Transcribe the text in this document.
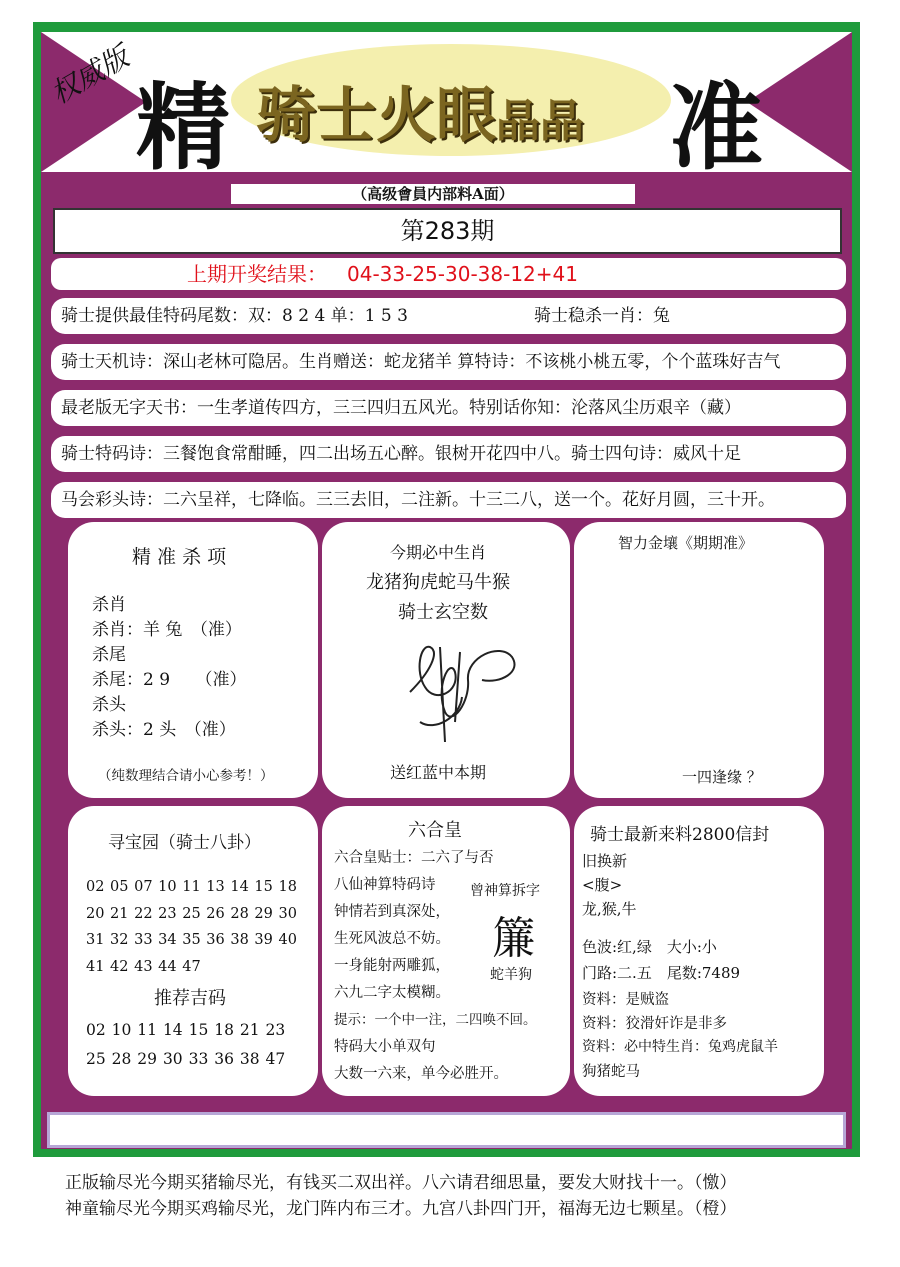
权威版 精 骑士火眼晶晶 准
（高级會員内部料A面）
第283期
上期开奖结果： 04-33-25-30-38-12+41
骑士提供最佳特码尾数：双：8 2 4 单：1 5 3	骑士稳杀一肖：兔
骑士天机诗：深山老林可隐居。生肖赠送：蛇龙猪羊 算特诗：不该桃小桃五零，个个蓝珠好吉气
最老版无字天书：一生孝道传四方，三三四归五风光。特别话你知：沦落风尘历艰辛（藏）
骑士特码诗：三餐饱食常酣睡，四二出场五心醉。银树开花四中八。骑士四句诗：威风十足
马会彩头诗：二六呈祥，七降临。三三去旧，二注新。十三二八，送一个。花好月圆，三十开。
精 准 杀 项
杀肖
杀肖：羊 兔　（准）
杀尾
杀尾：2 9　　（准）
杀头
杀头：2 头　（准）
（纯数理结合请小心参考！）
今期必中生肖
龙猪狗虎蛇马牛猴
骑士玄空数
送红蓝中本期
智力金壤《期期准》
一四逢缘 ？
寻宝园（骑士八卦）
02 05 07 10 11 13 14 15 18
20 21 22 23 25 26 28 29 30
31 32 33 34 35 36 38 39 40
41 42 43 44 47
推荐吉码
02 10 11 14 15 18 21 23
25 28 29 30 33 36 38 47
六合皇
六合皇贴士：二六了与否
八仙神算特码诗
钟情若到真深处，
生死风波总不妨。
一身能射两雕狐，
六九二字太模糊。
提示：一个中一注，二四唤不回。
特码大小单双句
大数一六来，单今必胜开。
曾神算拆字
簾
蛇羊狗
骑士最新来料2800信封
旧换新
<腹>
龙,猴,牛
色波:红,绿　大小:小
门路:二.五　尾数:7489
资料：是贼盗
资料：狡滑奸诈是非多
资料：必中特生肖：兔鸡虎鼠羊
狗猪蛇马
正版输尽光今期买猪输尽光，有钱买二双出祥。八六请君细思量，要发大财找十一。（憿）
神童输尽光今期买鸡输尽光，龙门阵内布三才。九宫八卦四门开，福海无边七颗星。（橙）
